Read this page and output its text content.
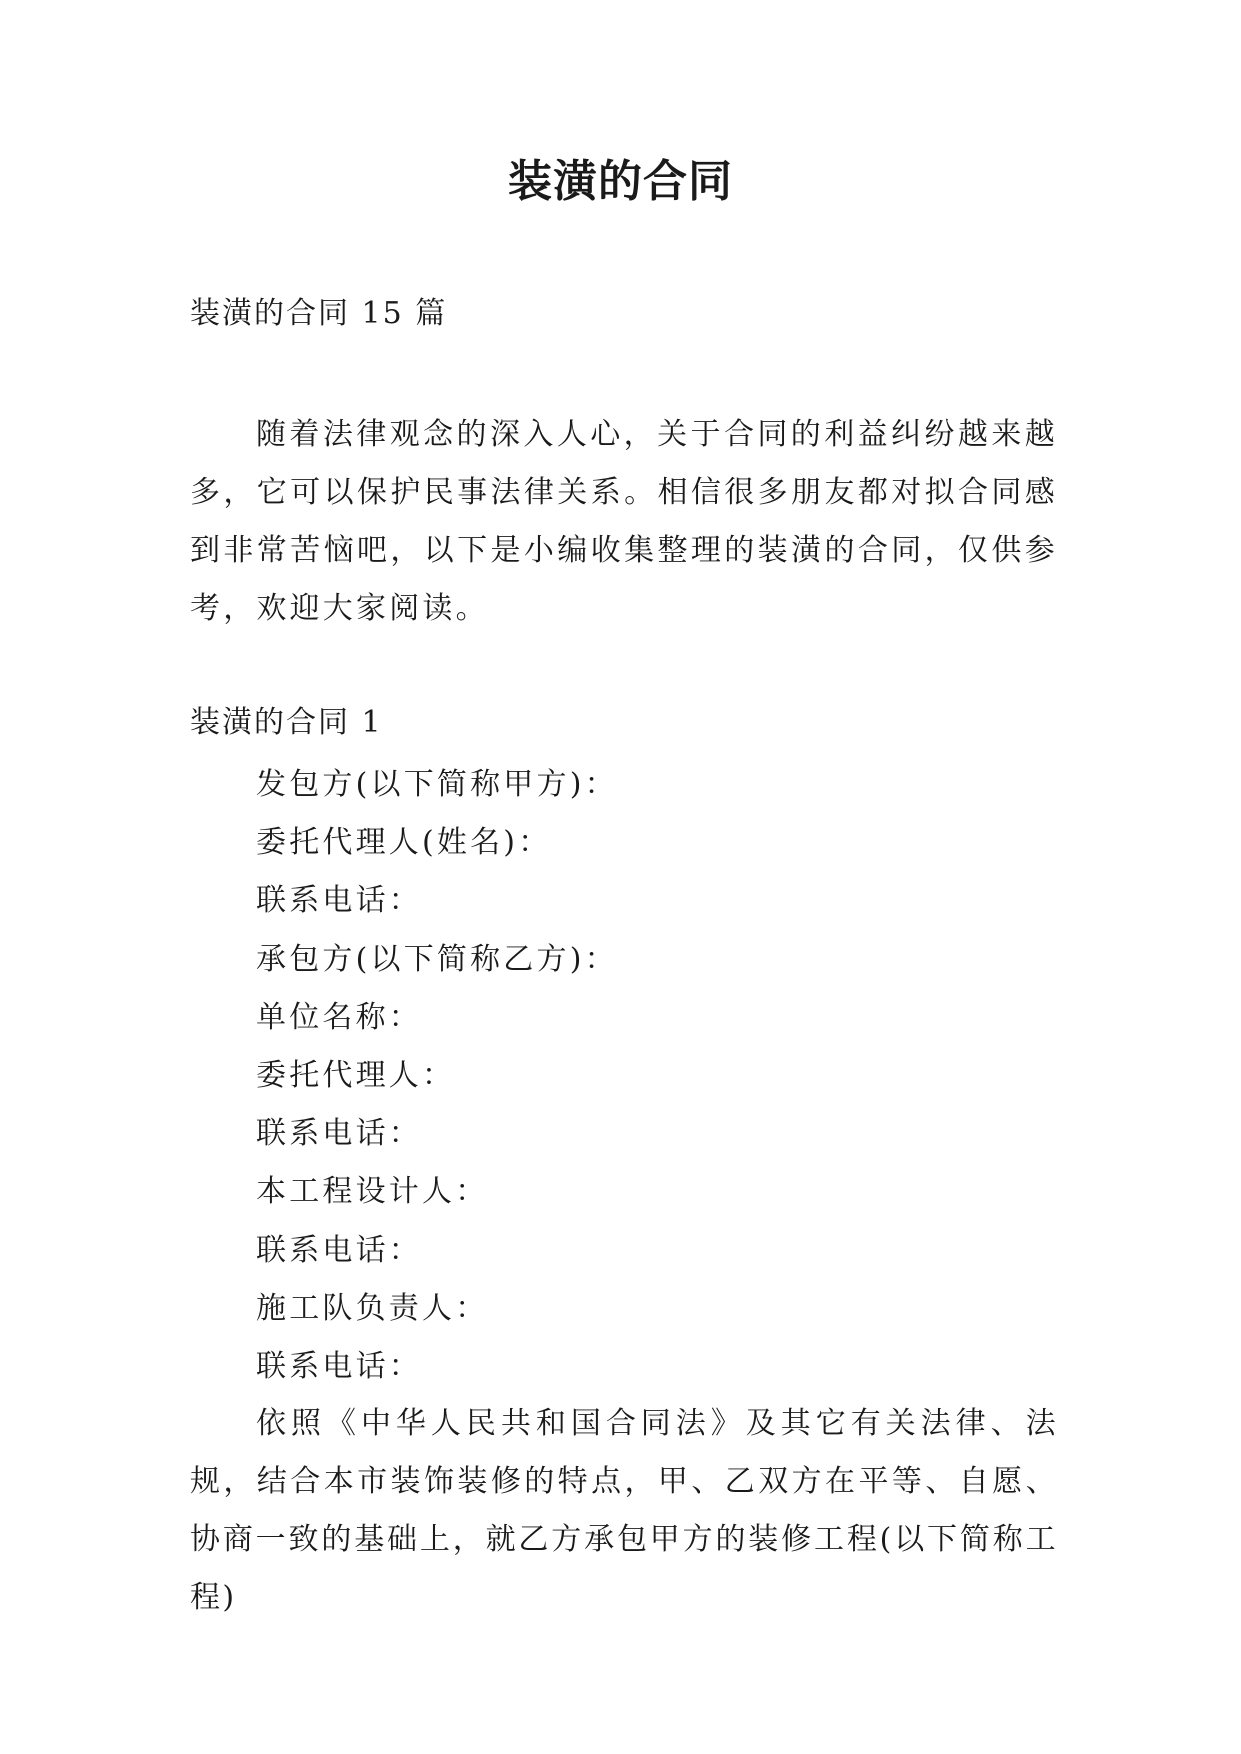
装潢的合同

装潢的合同 15 篇

随着法律观念的深入人心，关于合同的利益纠纷越来越多，它可以保护民事法律关系。相信很多朋友都对拟合同感到非常苦恼吧，以下是小编收集整理的装潢的合同，仅供参考，欢迎大家阅读。

装潢的合同 1

发包方(以下简称甲方)：
委托代理人(姓名)：
联系电话：
承包方(以下简称乙方)：
单位名称：
委托代理人：
联系电话：
本工程设计人：
联系电话：
施工队负责人：
联系电话：

依照《中华人民共和国合同法》及其它有关法律、法规，结合本市装饰装修的特点，甲、乙双方在平等、自愿、协商一致的基础上，就乙方承包甲方的装修工程(以下简称工程)
